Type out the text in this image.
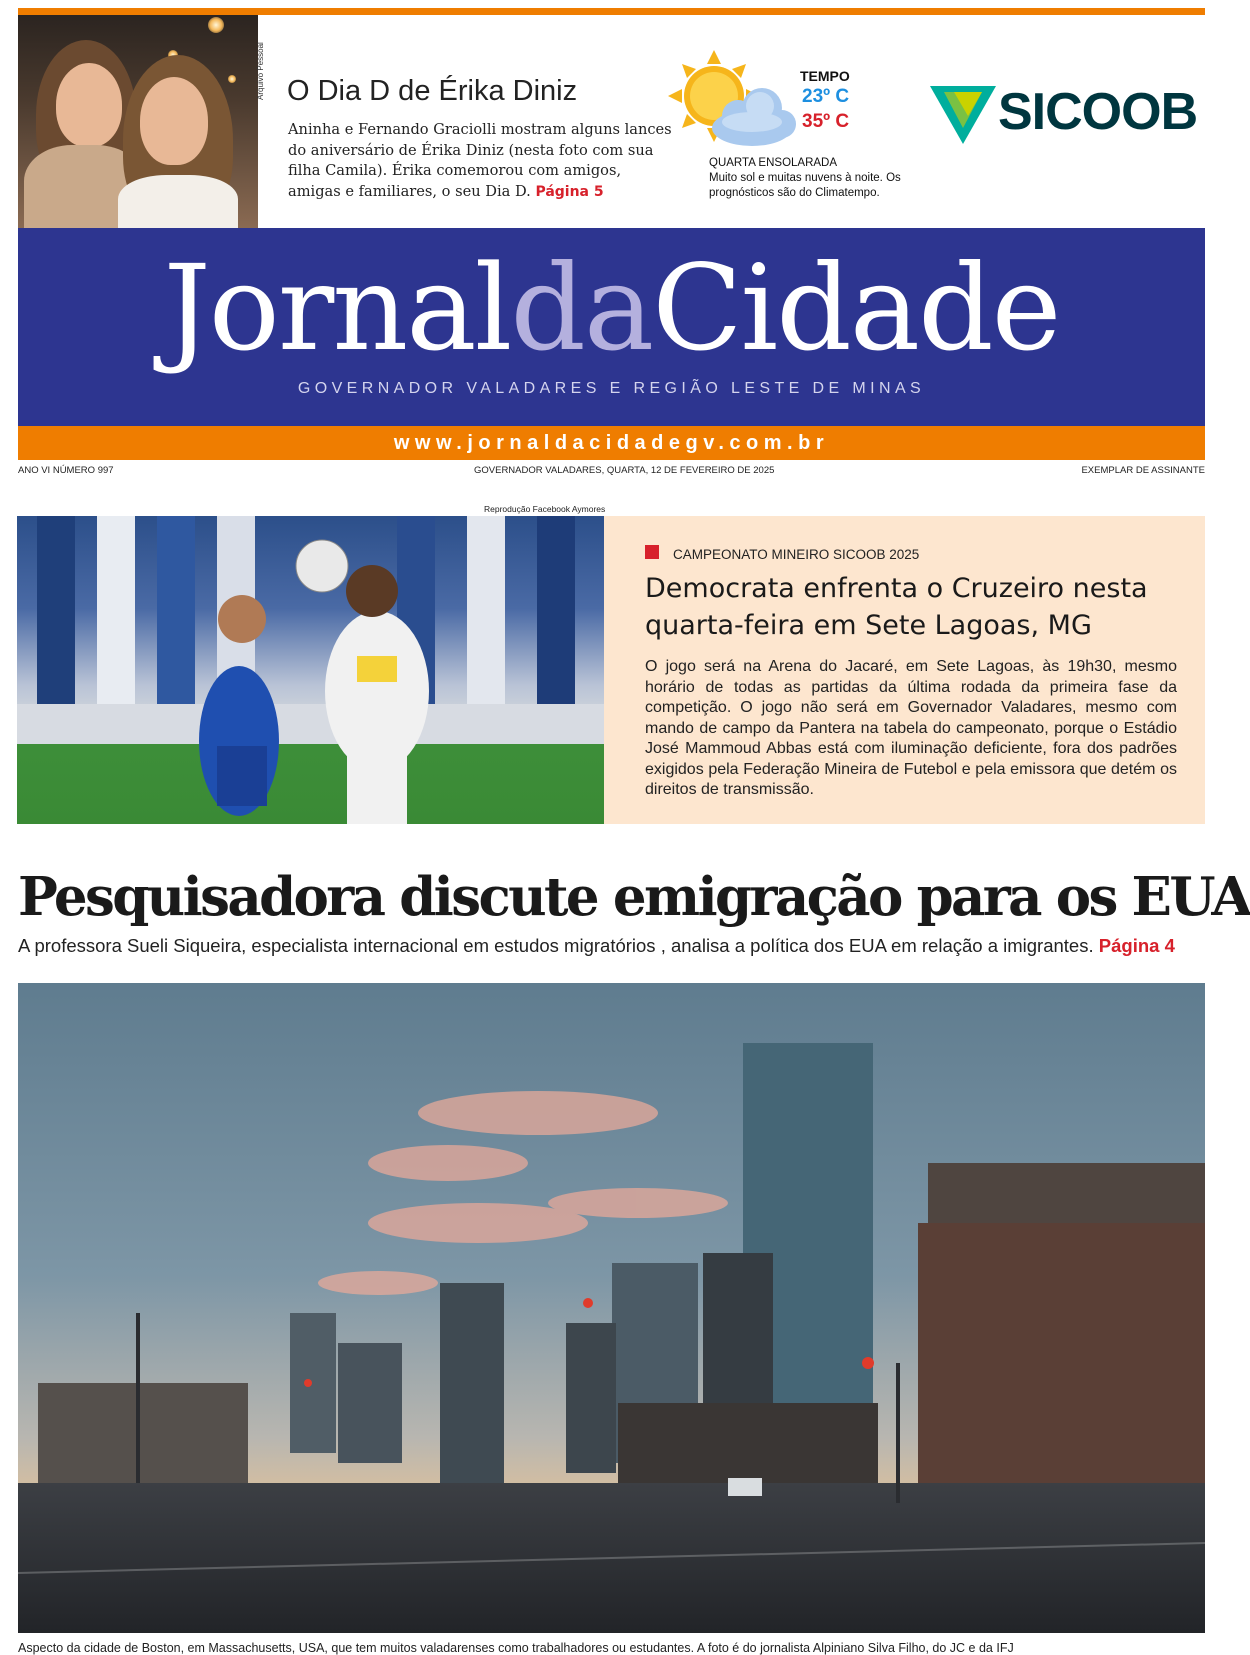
Arquivo Pessoal O Dia D de Érika Diniz
Aninha e Fernando Graciolli mostram alguns lances do aniversário de Érika Diniz (nesta foto com sua filha Camila). Érika comemorou com amigos, amigas e familiares, o seu Dia D. Página 5
TEMPO
23º C
35º C
QUARTA ENSOLARADA
Muito sol e muitas nuvens à noite. Os prognósticos são do Climatempo.
SICOOB
JornaldaCidade
GOVERNADOR VALADARES E REGIÃO LESTE DE MINAS
www.jornaldacidadegv.com.br
ANO VI NÚMERO 997	GOVERNADOR VALADARES, QUARTA, 12 DE FEVEREIRO DE 2025	EXEMPLAR DE ASSINANTE
Reprodução Facebook Aymores
CAMPEONATO MINEIRO SICOOB 2025
Democrata enfrenta o Cruzeiro nesta quarta-feira em Sete Lagoas, MG
O jogo será na Arena do Jacaré, em Sete Lagoas, às 19h30, mesmo horário de todas as partidas da última rodada da primeira fase da competição. O jogo não será em Governador Valadares, mesmo com mando de campo da Pantera na tabela do campeonato, porque o Estádio José Mammoud Abbas está com iluminação deficiente, fora dos padrões exigidos pela Federação Mineira de Futebol e pela emissora que detém os direitos de transmissão.
Pesquisadora discute emigração para os EUA
A professora Sueli Siqueira, especialista internacional em estudos migratórios , analisa a política dos EUA em relação a imigrantes. Página 4
Aspecto da cidade de Boston, em Massachusetts, USA, que tem muitos valadarenses como trabalhadores ou estudantes. A foto é do jornalista Alpiniano Silva Filho, do JC e da IFJ
